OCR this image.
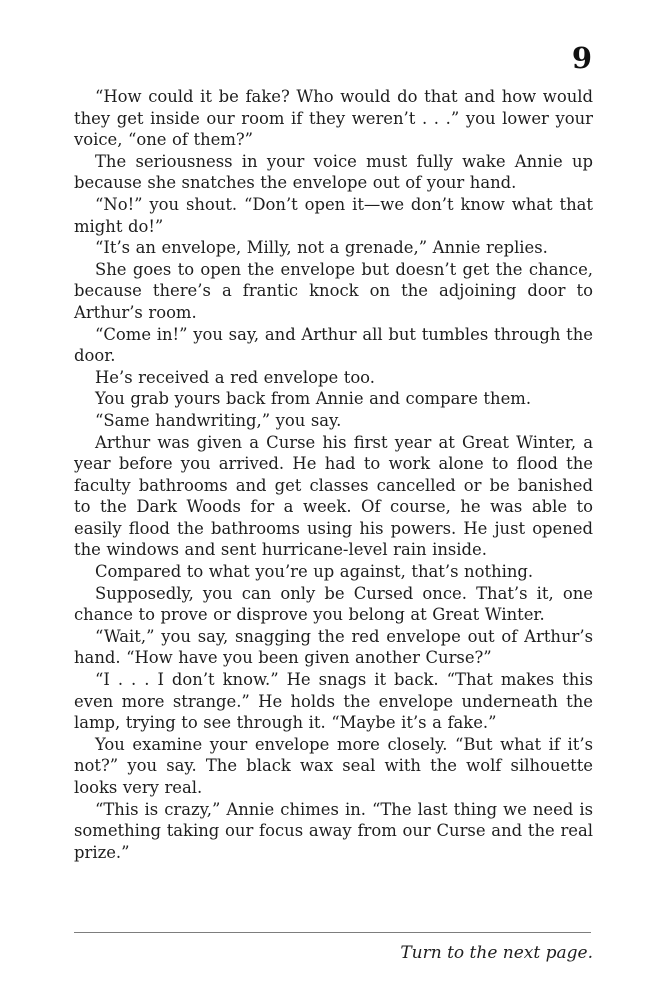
9

“How could it be fake? Who would do that and how would they get inside our room if they weren’t . . .” you lower your voice, “one of them?”

The seriousness in your voice must fully wake Annie up because she snatches the envelope out of your hand.

“No!” you shout. “Don’t open it—we don’t know what that might do!”

“It’s an envelope, Milly, not a grenade,” Annie replies.

She goes to open the envelope but doesn’t get the chance, because there’s a frantic knock on the adjoining door to Arthur’s room.

“Come in!” you say, and Arthur all but tumbles through the door.

He’s received a red envelope too.

You grab yours back from Annie and compare them.

“Same handwriting,” you say.

Arthur was given a Curse his first year at Great Winter, a year before you arrived. He had to work alone to flood the faculty bathrooms and get classes cancelled or be banished to the Dark Woods for a week. Of course, he was able to easily flood the bathrooms using his powers. He just opened the windows and sent hurricane-level rain inside.

Compared to what you’re up against, that’s nothing.

Supposedly, you can only be Cursed once. That’s it, one chance to prove or disprove you belong at Great Winter.

“Wait,” you say, snagging the red envelope out of Arthur’s hand. “How have you been given another Curse?”

“I . . . I don’t know.” He snags it back. “That makes this even more strange.” He holds the envelope underneath the lamp, trying to see through it. “Maybe it’s a fake.”

You examine your envelope more closely. “But what if it’s not?” you say. The black wax seal with the wolf silhouette looks very real.

“This is crazy,” Annie chimes in. “The last thing we need is something taking our focus away from our Curse and the real prize.”

Turn to the next page.
